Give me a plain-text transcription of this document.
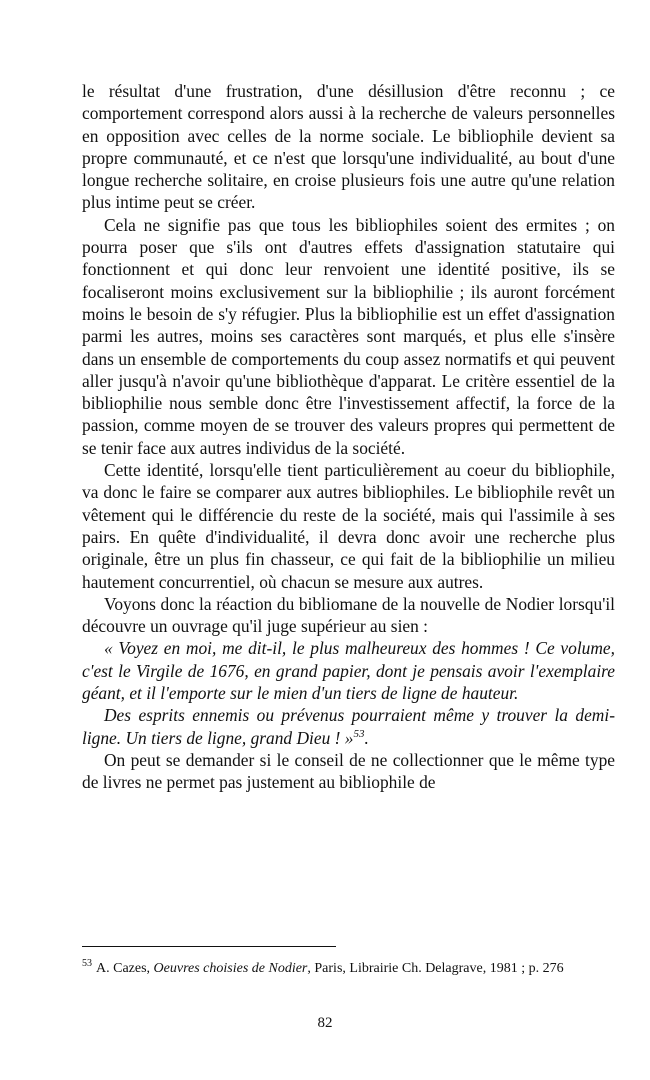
le résultat d'une frustration, d'une désillusion d'être reconnu ; ce comportement correspond alors aussi à la recherche de valeurs personnelles en opposition avec celles de la norme sociale. Le bibliophile devient sa propre communauté, et ce n'est que lorsqu'une individualité, au bout d'une longue recherche solitaire, en croise plusieurs fois une autre qu'une relation plus intime peut se créer.

Cela ne signifie pas que tous les bibliophiles soient des ermites ; on pourra poser que s'ils ont d'autres effets d'assignation statutaire qui fonctionnent et qui donc leur renvoient une identité positive, ils se focaliseront moins exclusivement sur la bibliophilie ; ils auront forcément moins le besoin de s'y réfugier. Plus la bibliophilie est un effet d'assignation parmi les autres, moins ses caractères sont marqués, et plus elle s'insère dans un ensemble de comportements du coup assez normatifs et qui peuvent aller jusqu'à n'avoir qu'une bibliothèque d'apparat. Le critère essentiel de la bibliophilie nous semble donc être l'investissement affectif, la force de la passion, comme moyen de se trouver des valeurs propres qui permettent de se tenir face aux autres individus de la société.

Cette identité, lorsqu'elle tient particulièrement au coeur du bibliophile, va donc le faire se comparer aux autres bibliophiles. Le bibliophile revêt un vêtement qui le différencie du reste de la société, mais qui l'assimile à ses pairs. En quête d'individualité, il devra donc avoir une recherche plus originale, être un plus fin chasseur, ce qui fait de la bibliophilie un milieu hautement concurrentiel, où chacun se mesure aux autres.

Voyons donc la réaction du bibliomane de la nouvelle de Nodier lorsqu'il découvre un ouvrage qu'il juge supérieur au sien :

« Voyez en moi, me dit-il, le plus malheureux des hommes ! Ce volume, c'est le Virgile de 1676, en grand papier, dont je pensais avoir l'exemplaire géant, et il l'emporte sur le mien d'un tiers de ligne de hauteur.

Des esprits ennemis ou prévenus pourraient même y trouver la demi-ligne. Un tiers de ligne, grand Dieu ! »$^{53}$.

On peut se demander si le conseil de ne collectionner que le même type de livres ne permet pas justement au bibliophile de

$^{53}$ A. Cazes, Oeuvres choisies de Nodier, Paris, Librairie Ch. Delagrave, 1981 ; p. 276

82
